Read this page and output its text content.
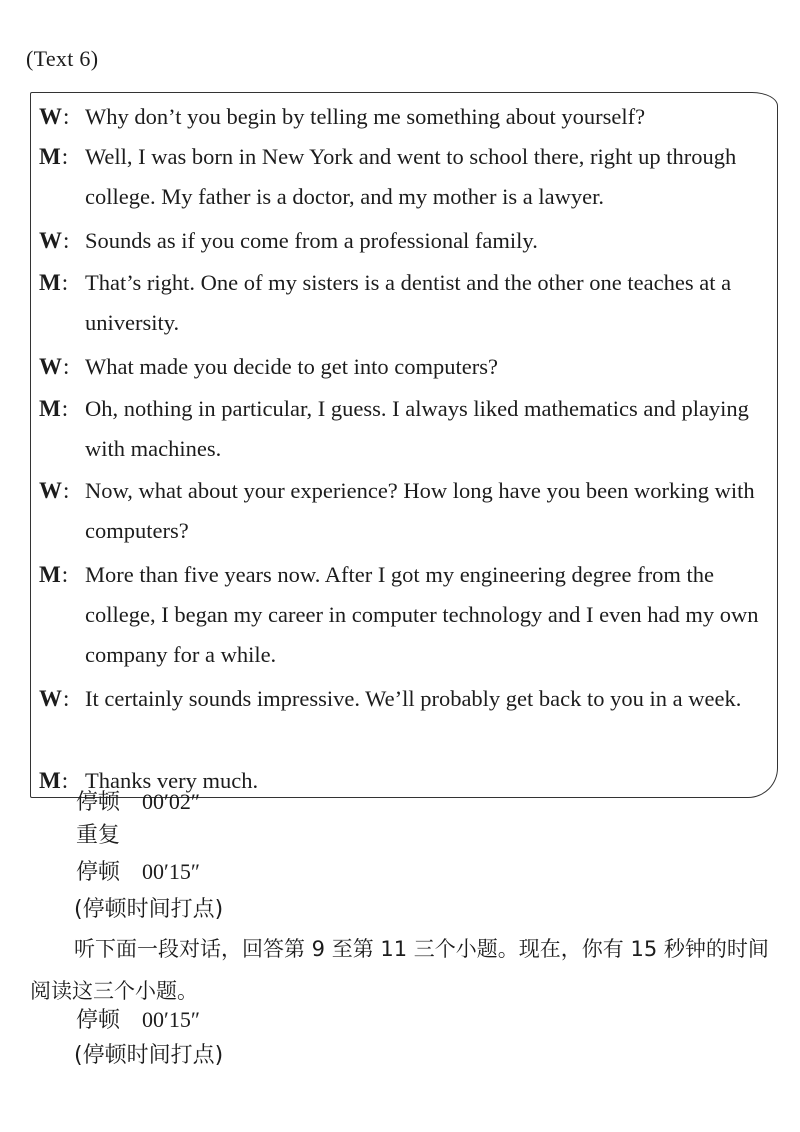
(Text 6)
W: Why don’t you begin by telling me something about yourself?
M: Well, I was born in New York and went to school there, right up through college. My father is a doctor, and my mother is a lawyer.
W: Sounds as if you come from a professional family.
M: That’s right. One of my sisters is a dentist and the other one teaches at a university.
W: What made you decide to get into computers?
M: Oh, nothing in particular, I guess. I always liked mathematics and playing with machines.
W: Now, what about your experience? How long have you been working with computers?
M: More than five years now. After I got my engineering degree from the college, I began my career in computer technology and I even had my own company for a while.
W: It certainly sounds impressive. We’ll probably get back to you in a week.
M: Thanks very much.
停顿 00′02″
重复
停顿 00′15″
(停顿时间打点)
听下面一段对话，回答第 9 至第 11 三个小题。现在，你有 15 秒钟的时间阅读这三个小题。
停顿 00′15″
(停顿时间打点)
